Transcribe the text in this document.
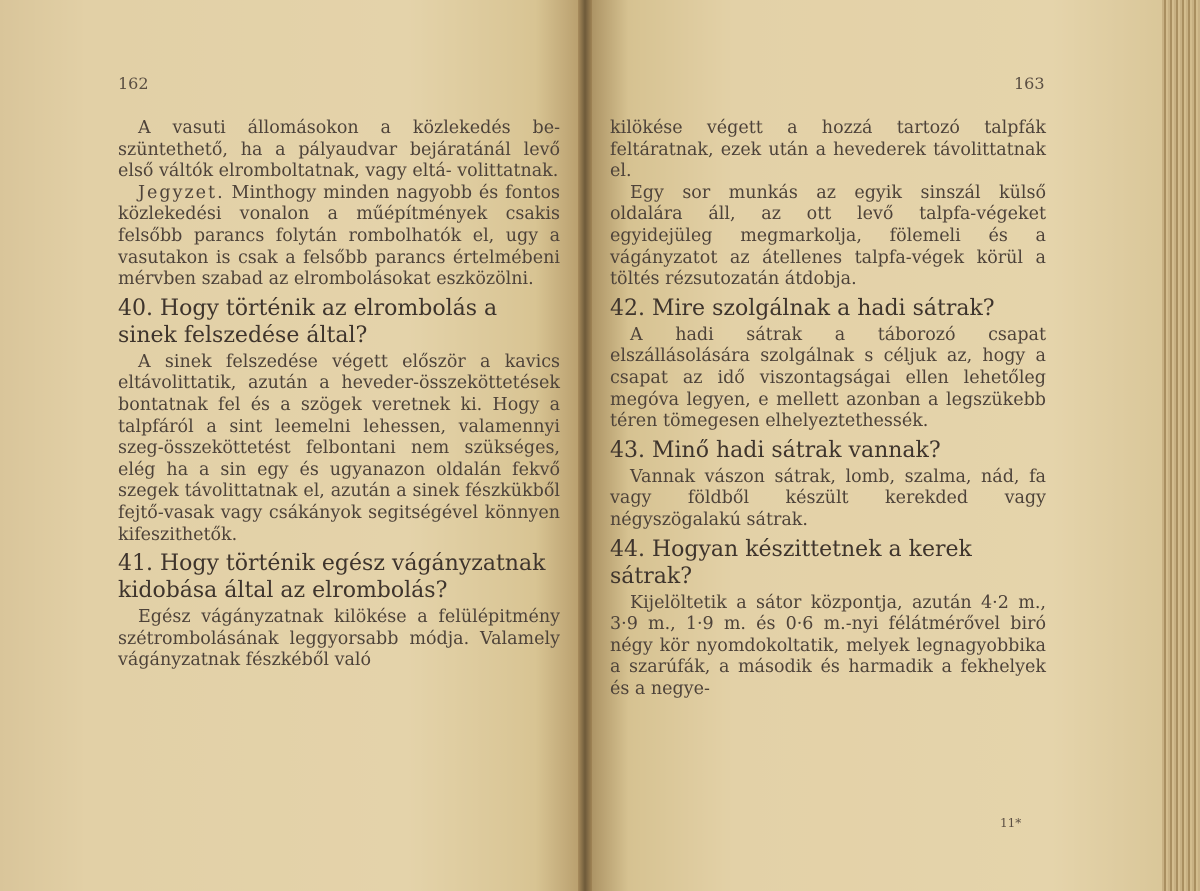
162	163

A vasuti állomásokon a közlekedés be- szüntethető, ha a pályaudvar bejáratánál levő első váltók elromboltatnak, vagy eltá- volittatnak.

Jegyzet. Minthogy minden nagyobb és fontos közlekedési vonalon a műépítmények csakis felsőbb parancs folytán rombolhatók el, ugy a vasutakon is csak a felsőbb parancs értelmébeni mérvben szabad az elrombolásokat eszközölni.

40. Hogy történik az elrombolás a sinek felszedése által?

A sinek felszedése végett először a kavics eltávolittatik, azután a heveder-összeköttetések bontatnak fel és a szögek veretnek ki. Hogy a talpfáról a sint leemelni lehessen, valamennyi szeg-összeköttetést felbontani nem szükséges, elég ha a sin egy és ugyanazon oldalán fekvő szegek távolittatnak el, azután a sinek fészkükből fejtő-vasak vagy csákányok segitségével könnyen kifeszithetők.

41. Hogy történik egész vágányzatnak kidobása által az elrombolás?

Egész vágányzatnak kilökése a felülépitmény szétrombolásának leggyorsabb módja. Valamely vágányzatnak fészkéből való

kilökése végett a hozzá tartozó talpfák feltáratnak, ezek után a hevederek távolittatnak el.

Egy sor munkás az egyik sinszál külső oldalára áll, az ott levő talpfa-végeket egyidejüleg megmarkolja, fölemeli és a vágányzatot az átellenes talpfa-végek körül a töltés rézsutozatán átdobja.

42. Mire szolgálnak a hadi sátrak?

A hadi sátrak a táborozó csapat elszállásolására szolgálnak s céljuk az, hogy a csapat az idő viszontagságai ellen lehetőleg megóva legyen, e mellett azonban a legszükebb téren tömegesen elhelyeztethessék.

43. Minő hadi sátrak vannak?

Vannak vászon sátrak, lomb, szalma, nád, fa vagy földből készült kerekded vagy négyszögalakú sátrak.

44. Hogyan készittetnek a kerek sátrak?

Kijelöltetik a sátor központja, azután 4·2 m., 3·9 m., 1·9 m. és 0·6 m.-nyi félátmérővel biró négy kör nyomdokoltatik, melyek legnagyobbika a szarúfák, a második és harmadik a fekhelyek és a negye-

11*
